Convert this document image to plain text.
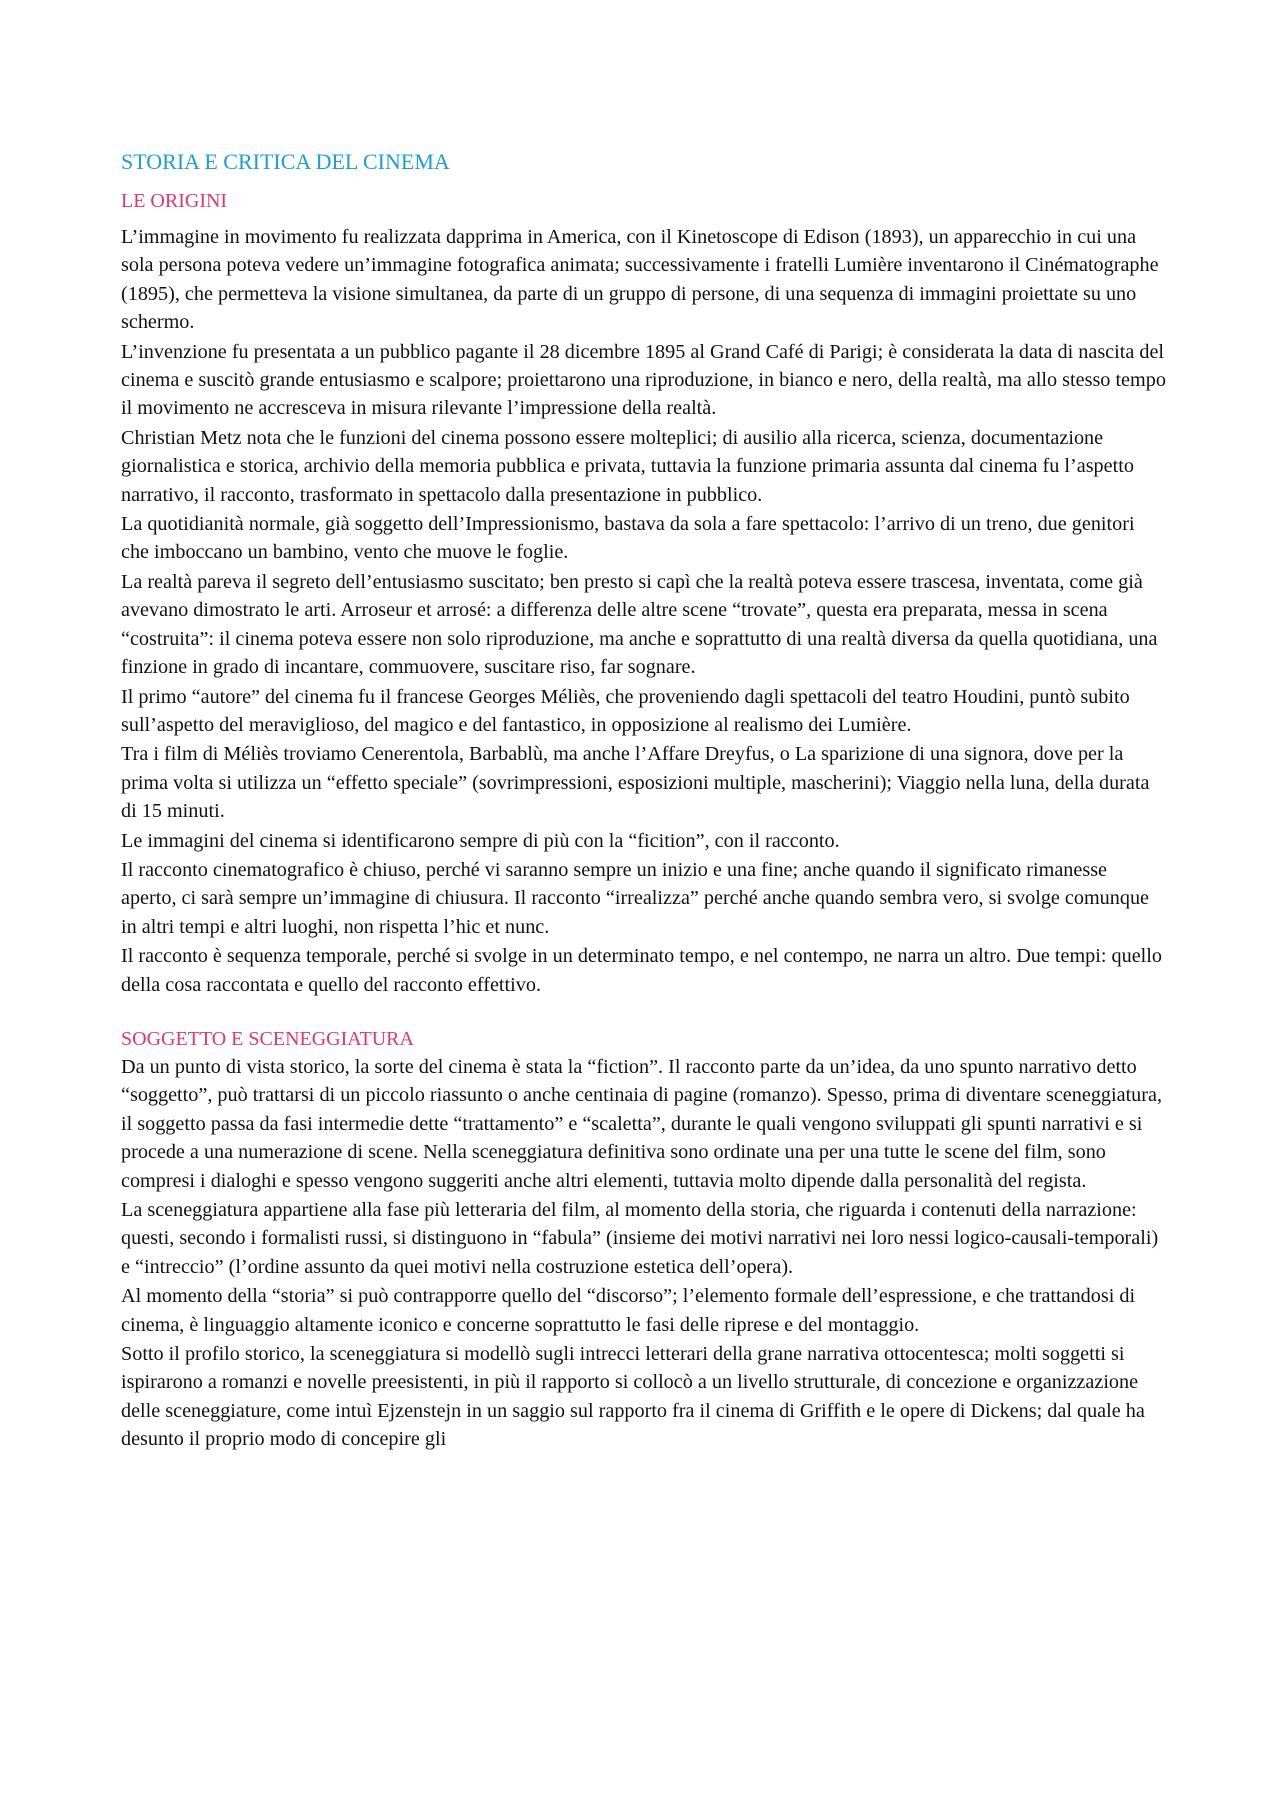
STORIA E CRITICA DEL CINEMA
LE ORIGINI

L’immagine in movimento fu realizzata dapprima in America, con il Kinetoscope di Edison (1893), un apparecchio in cui una sola persona poteva vedere un’immagine fotografica animata; successivamente i fratelli Lumière inventarono il Cinématographe (1895), che permetteva la visione simultanea, da parte di un gruppo di persone, di una sequenza di immagini proiettate su uno schermo.

L’invenzione fu presentata a un pubblico pagante il 28 dicembre 1895 al Grand Café di Parigi; è considerata la data di nascita del cinema e suscitò grande entusiasmo e scalpore; proiettarono una riproduzione, in bianco e nero, della realtà, ma allo stesso tempo il movimento ne accresceva in misura rilevante l’impressione della realtà.

Christian Metz nota che le funzioni del cinema possono essere molteplici; di ausilio alla ricerca, scienza, documentazione giornalistica e storica, archivio della memoria pubblica e privata, tuttavia la funzione primaria assunta dal cinema fu l’aspetto narrativo, il racconto, trasformato in spettacolo dalla presentazione in pubblico.

La quotidianità normale, già soggetto dell’Impressionismo, bastava da sola a fare spettacolo: l’arrivo di un treno, due genitori che imboccano un bambino, vento che muove le foglie.

La realtà pareva il segreto dell’entusiasmo suscitato; ben presto si capì che la realtà poteva essere trascesa, inventata, come già avevano dimostrato le arti. Arroseur et arrosé: a differenza delle altre scene “trovate”, questa era preparata, messa in scena “costruita”: il cinema poteva essere non solo riproduzione, ma anche e soprattutto di una realtà diversa da quella quotidiana, una finzione in grado di incantare, commuovere, suscitare riso, far sognare.

Il primo “autore” del cinema fu il francese Georges Méliès, che proveniendo dagli spettacoli del teatro Houdini, puntò subito sull’aspetto del meraviglioso, del magico e del fantastico, in opposizione al realismo dei Lumière.

Tra i film di Méliès troviamo Cenerentola, Barbablù, ma anche l’Affare Dreyfus, o La sparizione di una signora, dove per la prima volta si utilizza un “effetto speciale” (sovrimpressioni, esposizioni multiple, mascherini); Viaggio nella luna, della durata di 15 minuti.

Le immagini del cinema si identificarono sempre di più con la “ficition”, con il racconto.

Il racconto cinematografico è chiuso, perché vi saranno sempre un inizio e una fine; anche quando il significato rimanesse aperto, ci sarà sempre un’immagine di chiusura. Il racconto “irrealizza” perché anche quando sembra vero, si svolge comunque in altri tempi e altri luoghi, non rispetta l’hic et nunc.

Il racconto è sequenza temporale, perché si svolge in un determinato tempo, e nel contempo, ne narra un altro. Due tempi: quello della cosa raccontata e quello del racconto effettivo.

SOGGETTO E SCENEGGIATURA

Da un punto di vista storico, la sorte del cinema è stata la “fiction”. Il racconto parte da un’idea, da uno spunto narrativo detto “soggetto”, può trattarsi di un piccolo riassunto o anche centinaia di pagine (romanzo). Spesso, prima di diventare sceneggiatura, il soggetto passa da fasi intermedie dette “trattamento” e “scaletta”, durante le quali vengono sviluppati gli spunti narrativi e si procede a una numerazione di scene. Nella sceneggiatura definitiva sono ordinate una per una tutte le scene del film, sono compresi i dialoghi e spesso vengono suggeriti anche altri elementi, tuttavia molto dipende dalla personalità del regista.

La sceneggiatura appartiene alla fase più letteraria del film, al momento della storia, che riguarda i contenuti della narrazione: questi, secondo i formalisti russi, si distinguono in “fabula” (insieme dei motivi narrativi nei loro nessi logico-causali-temporali) e “intreccio” (l’ordine assunto da quei motivi nella costruzione estetica dell’opera).

Al momento della “storia” si può contrapporre quello del “discorso”; l’elemento formale dell’espressione, e che trattandosi di cinema, è linguaggio altamente iconico e concerne soprattutto le fasi delle riprese e del montaggio.

Sotto il profilo storico, la sceneggiatura si modellò sugli intrecci letterari della grane narrativa ottocentesca; molti soggetti si ispirarono a romanzi e novelle preesistenti, in più il rapporto si collocò a un livello strutturale, di concezione e organizzazione delle sceneggiature, come intuì Ejzenstejn in un saggio sul rapporto fra il cinema di Griffith e le opere di Dickens; dal quale ha desunto il proprio modo di concepire gli
